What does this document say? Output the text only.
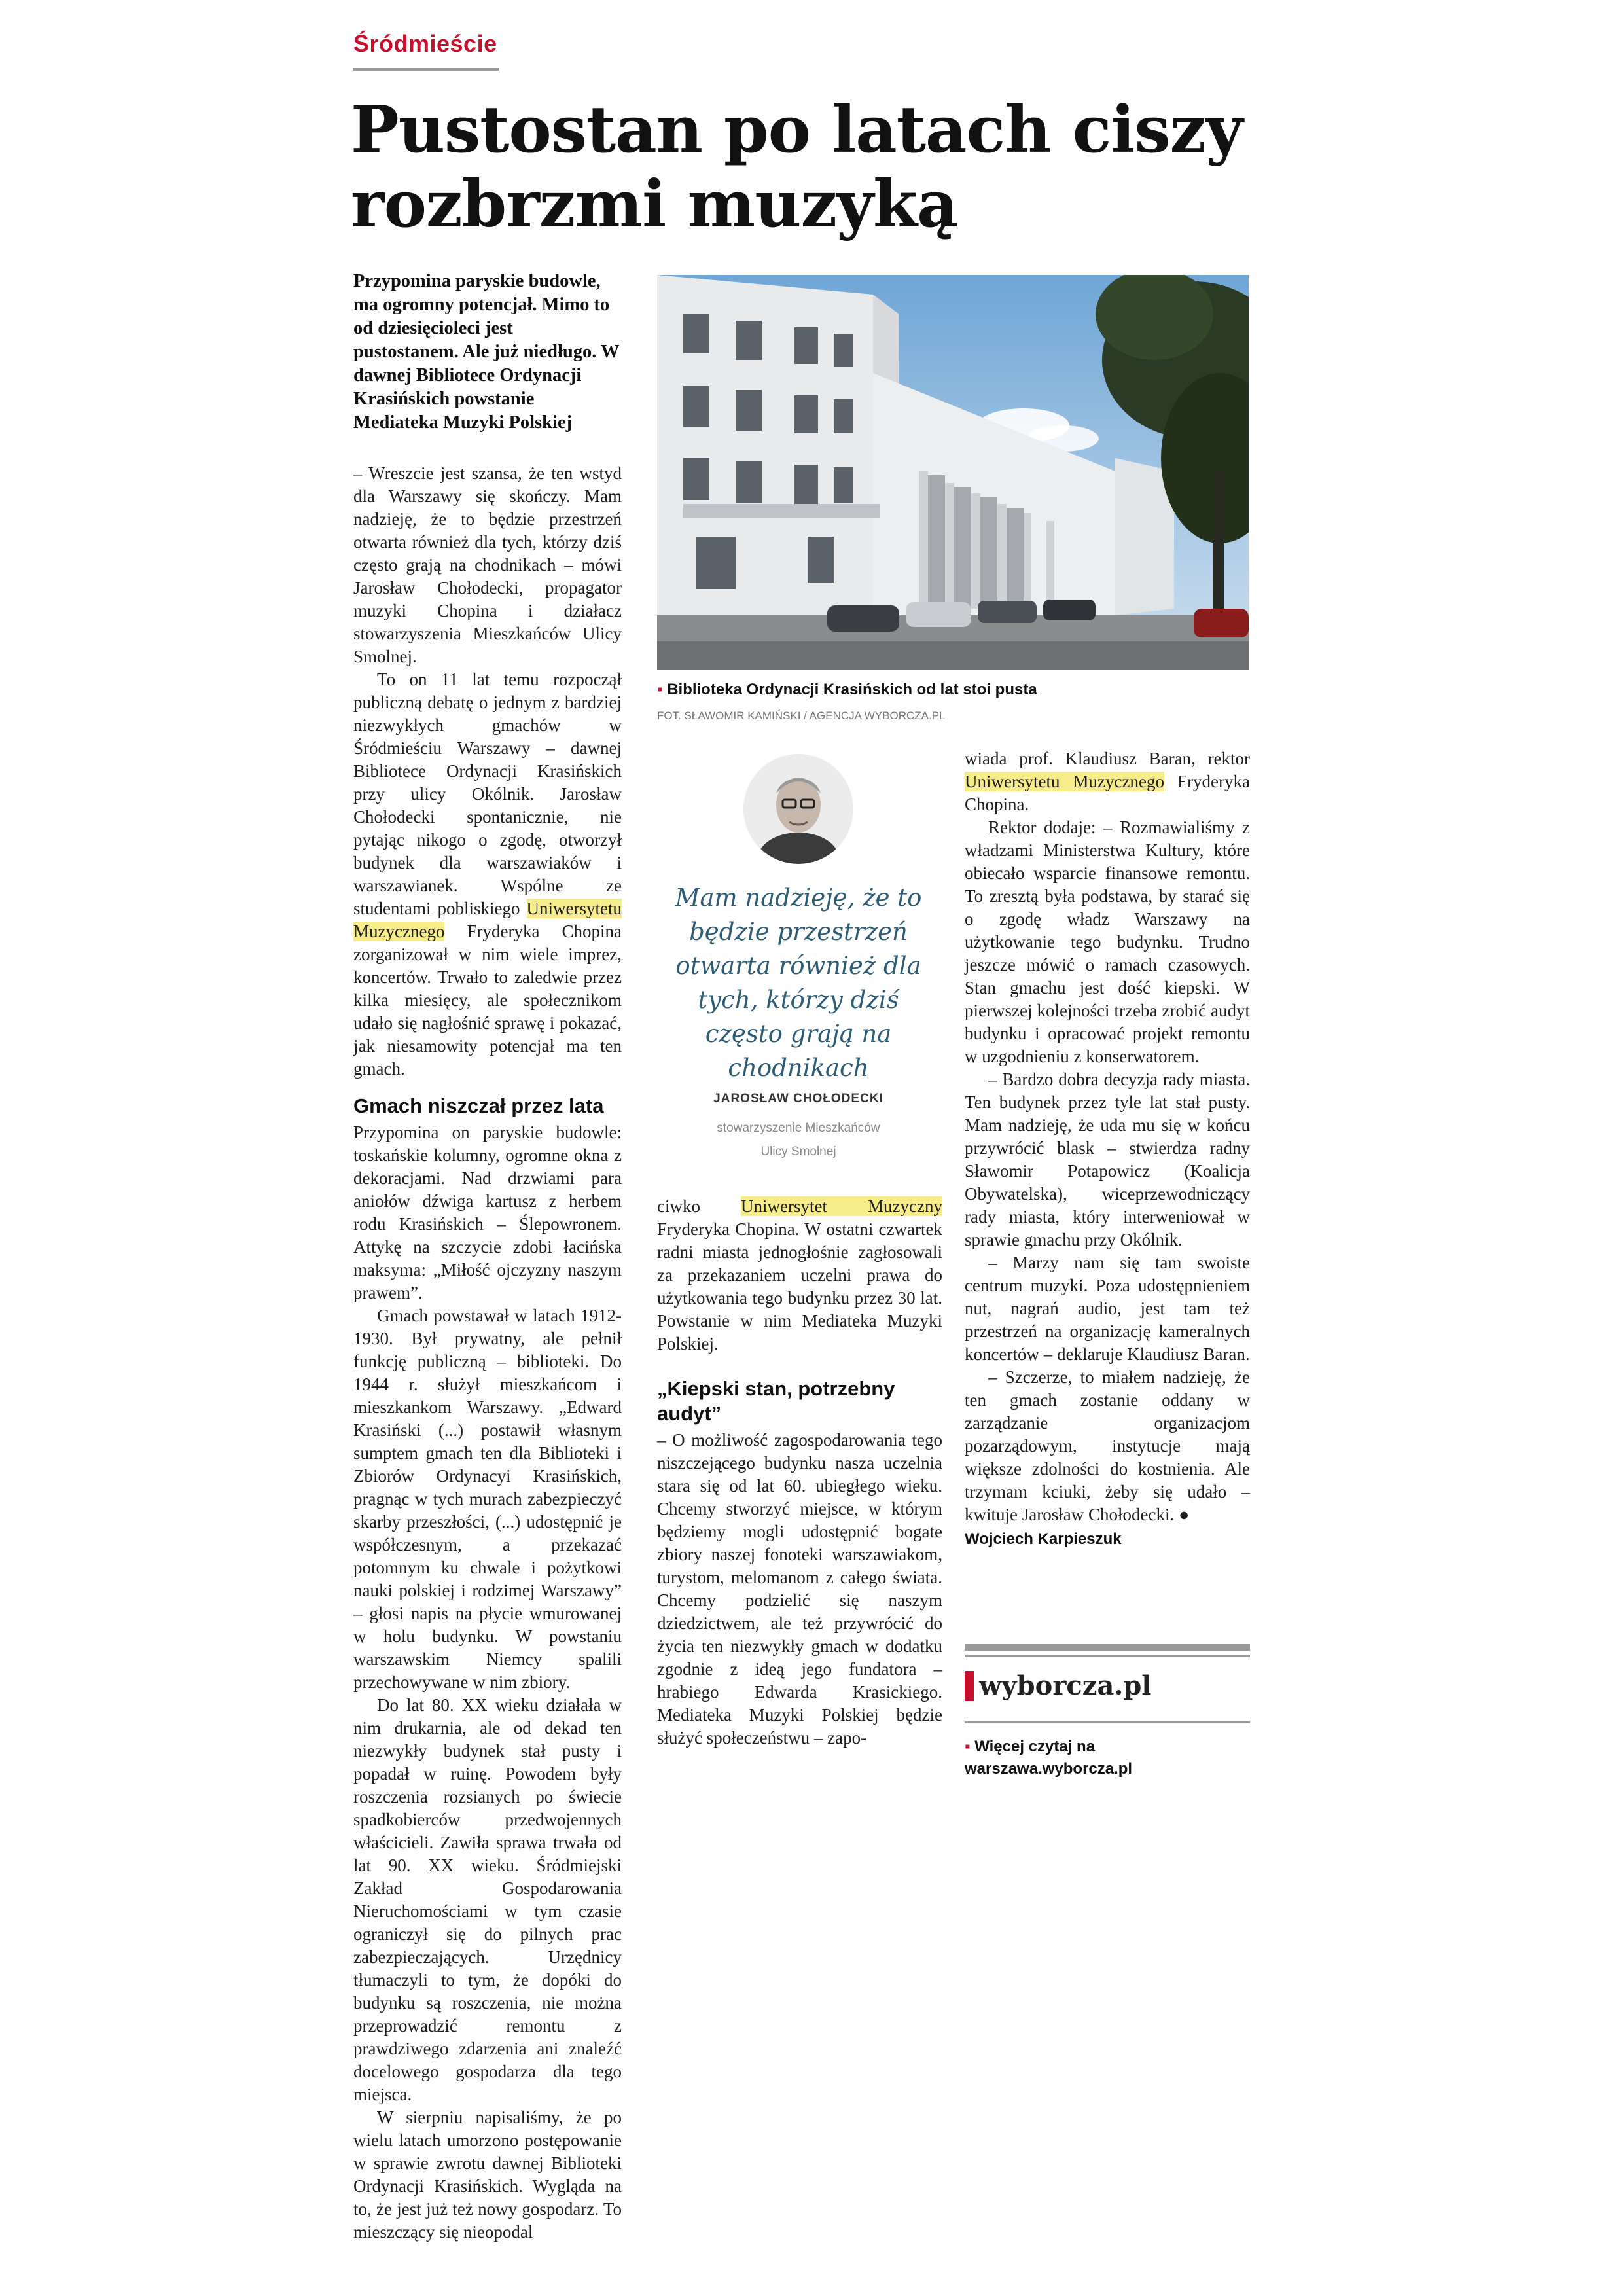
Śródmieście
Pustostan po latach ciszy rozbrzmi muzyką

Przypomina paryskie budowle, ma ogromny potencjał. Mimo to od dziesięcioleci jest pustostanem. Ale już niedługo. W dawnej Bibliotece Ordynacji Krasińskich powstanie Mediateka Muzyki Polskiej

– Wreszcie jest szansa, że ten wstyd dla Warszawy się skończy. Mam nadzieję, że to będzie przestrzeń otwarta również dla tych, którzy dziś często grają na chodnikach – mówi Jarosław Chołodecki, propagator muzyki Chopina i działacz stowarzyszenia Mieszkańców Ulicy Smolnej.

To on 11 lat temu rozpoczął publiczną debatę o jednym z bardziej niezwykłych gmachów w Śródmieściu Warszawy – dawnej Bibliotece Ordynacji Krasińskich przy ulicy Okólnik. Jarosław Chołodecki spontanicznie, nie pytając nikogo o zgodę, otworzył budynek dla warszawiaków i warszawianek. Wspólne ze studentami pobliskiego Uniwersytetu Muzycznego Fryderyka Chopina zorganizował w nim wiele imprez, koncertów. Trwało to zaledwie przez kilka miesięcy, ale społecznikom udało się nagłośnić sprawę i pokazać, jak niesamowity potencjał ma ten gmach.

Gmach niszczał przez lata

Przypomina on paryskie budowle: toskańskie kolumny, ogromne okna z dekoracjami. Nad drzwiami para aniołów dźwiga kartusz z herbem rodu Krasińskich – Ślepowronem. Attykę na szczycie zdobi łacińska maksyma: „Miłość ojczyzny naszym prawem”.

Gmach powstawał w latach 1912-1930. Był prywatny, ale pełnił funkcję publiczną – biblioteki. Do 1944 r. służył mieszkańcom i mieszkankom Warszawy. „Edward Krasiński (...) postawił własnym sumptem gmach ten dla Biblioteki i Zbiorów Ordynacyi Krasińskich, pragnąc w tych murach zabezpieczyć skarby przeszłości, (...) udostępnić je współczesnym, a przekazać potomnym ku chwale i pożytkowi nauki polskiej i rodzimej Warszawy” – głosi napis na płycie wmurowanej w holu budynku. W powstaniu warszawskim Niemcy spalili przechowywane w nim zbiory.

Do lat 80. XX wieku działała w nim drukarnia, ale od dekad ten niezwykły budynek stał pusty i popadał w ruinę. Powodem były roszczenia rozsianych po świecie spadkobierców przedwojennych właścicieli. Zawiła sprawa trwała od lat 90. XX wieku. Śródmiejski Zakład Gospodarowania Nieruchomościami w tym czasie ograniczył się do pilnych prac zabezpieczających. Urzędnicy tłumaczyli to tym, że dopóki do budynku są roszczenia, nie można przeprowadzić remontu z prawdziwego zdarzenia ani znaleźć docelowego gospodarza dla tego miejsca.

W sierpniu napisaliśmy, że po wielu latach umorzono postępowanie w sprawie zwrotu dawnej Biblioteki Ordynacji Krasińskich. Wygląda na to, że jest już też nowy gospodarz. To mieszczący się nieopodal

▪ Biblioteka Ordynacji Krasińskich od lat stoi pusta
FOT. SŁAWOMIR KAMIŃSKI / AGENCJA WYBORCZA.PL
Mam nadzieję, że to będzie przestrzeń otwarta również dla tych, którzy dziś często grają na chodnikach
JAROSŁAW CHOŁODECKI
stowarzyszenie Mieszkańców
Ulicy Smolnej

ciwko Uniwersytet Muzyczny Fryderyka Chopina. W ostatni czwartek radni miasta jednogłośnie zagłosowali za przekazaniem uczelni prawa do użytkowania tego budynku przez 30 lat. Powstanie w nim Mediateka Muzyki Polskiej.

„Kiepski stan, potrzebny audyt”

– O możliwość zagospodarowania tego niszczejącego budynku nasza uczelnia stara się od lat 60. ubiegłego wieku. Chcemy stworzyć miejsce, w którym będziemy mogli udostępnić bogate zbiory naszej fonoteki warszawiakom, turystom, melomanom z całego świata. Chcemy podzielić się naszym dziedzictwem, ale też przywrócić do życia ten niezwykły gmach w dodatku zgodnie z ideą jego fundatora – hrabiego Edwarda Krasickiego. Mediateka Muzyki Polskiej będzie służyć społeczeństwu – zapo-

wiada prof. Klaudiusz Baran, rektor Uniwersytetu Muzycznego Fryderyka Chopina.

Rektor dodaje: – Rozmawialiśmy z władzami Ministerstwa Kultury, które obiecało wsparcie finansowe remontu. To zresztą była podstawa, by starać się o zgodę władz Warszawy na użytkowanie tego budynku. Trudno jeszcze mówić o ramach czasowych. Stan gmachu jest dość kiepski. W pierwszej kolejności trzeba zrobić audyt budynku i opracować projekt remontu w uzgodnieniu z konserwatorem.

– Bardzo dobra decyzja rady miasta. Ten budynek przez tyle lat stał pusty. Mam nadzieję, że uda mu się w końcu przywrócić blask – stwierdza radny Sławomir Potapowicz (Koalicja Obywatelska), wiceprzewodniczący rady miasta, który interweniował w sprawie gmachu przy Okólnik.

– Marzy nam się tam swoiste centrum muzyki. Poza udostępnieniem nut, nagrań audio, jest tam też przestrzeń na organizację kameralnych koncertów – deklaruje Klaudiusz Baran.

– Szczerze, to miałem nadzieję, że ten gmach zostanie oddany w zarządzanie organizacjom pozarządowym, instytucje mają większe zdolności do kostnienia. Ale trzymam kciuki, żeby się udało – kwituje Jarosław Chołodecki. ●

Wojciech Karpieszuk
wyborcza.pl
▪ Więcej czytaj na
warszawa.wyborcza.pl
